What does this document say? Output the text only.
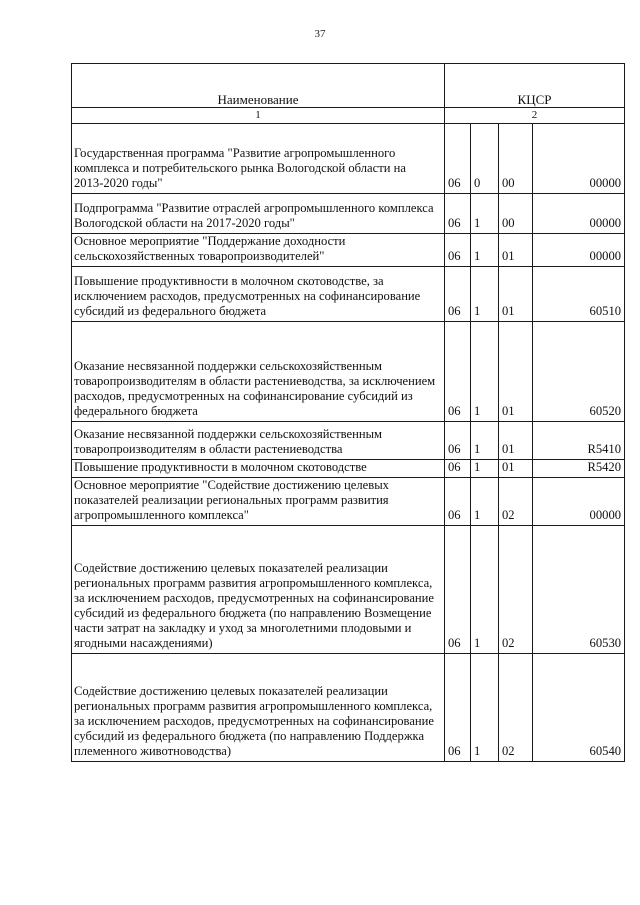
37
Наименование	КЦСР			
1	2			
Государственная программа "Развитие агропромышленного комплекса и потребительского рынка Вологодской области на 2013-2020 годы"	06	0	00	00000
Подпрограмма "Развитие отраслей агропромышленного комплекса Вологодской области на 2017-2020 годы"	06	1	00	00000
Основное мероприятие "Поддержание доходности сельскохозяйственных товаропроизводителей"	06	1	01	00000
Повышение продуктивности в молочном скотоводстве, за исключением расходов, предусмотренных на софинансирование субсидий из федерального бюджета	06	1	01	60510
Оказание несвязанной поддержки сельскохозяйственным товаропроизводителям в области растениеводства, за исключением расходов, предусмотренных на софинансирование субсидий из федерального бюджета	06	1	01	60520
Оказание несвязанной поддержки сельскохозяйственным товаропроизводителям в области растениеводства	06	1	01	R5410
Повышение продуктивности в молочном скотоводстве	06	1	01	R5420
Основное мероприятие "Содействие достижению целевых показателей реализации региональных программ развития агропромышленного комплекса"	06	1	02	00000
Содействие достижению целевых показателей реализации региональных программ развития агропромышленного комплекса, за исключением расходов, предусмотренных на софинансирование субсидий из федерального бюджета (по направлению Возмещение части затрат на закладку и уход за многолетними плодовыми и ягодными насаждениями)	06	1	02	60530
Содействие достижению целевых показателей реализации региональных программ развития агропромышленного комплекса, за исключением расходов, предусмотренных на софинансирование субсидий из федерального бюджета (по направлению Поддержка племенного животноводства)	06	1	02	60540
